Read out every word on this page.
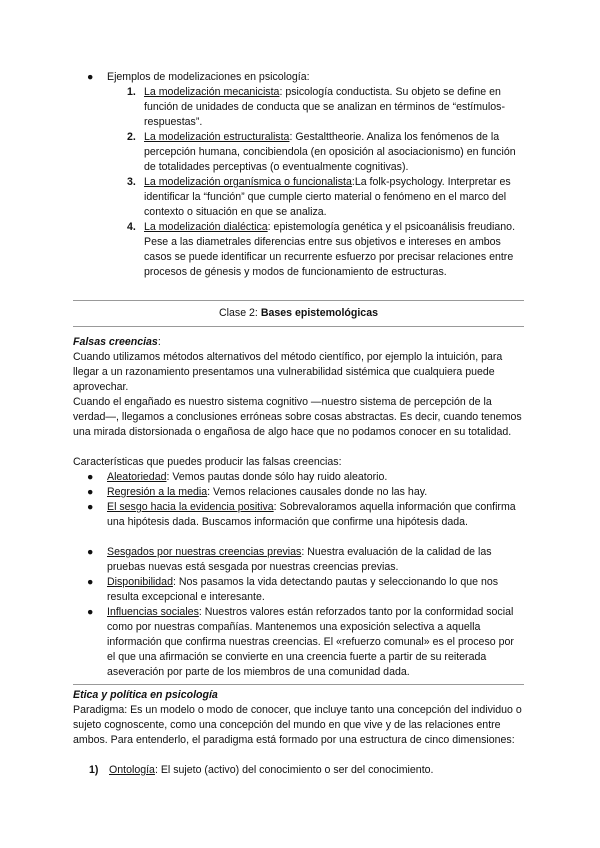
● Ejemplos de modelizaciones en psicología:
1. La modelización mecanicista: psicología conductista. Su objeto se define en función de unidades de conducta que se analizan en términos de “estímulos-respuestas”.
2. La modelización estructuralista: Gestalttheorie. Analiza los fenómenos de la percepción humana, concibiendola (en oposición al asociacionismo) en función de totalidades perceptivas (o eventualmente cognitivas).
3. La modelización organísmica o funcionalista:La folk-psychology. Interpretar es identificar la “función” que cumple cierto material o fenómeno en el marco del contexto o situación en que se analiza.
4. La modelización dialéctica: epistemología genética y el psicoanálisis freudiano. Pese a las diametrales diferencias entre sus objetivos e intereses en ambos casos se puede identificar un recurrente esfuerzo por precisar relaciones entre procesos de génesis y modos de funcionamiento de estructuras.
Clase 2: Bases epistemológicas
Falsas creencias:
Cuando utilizamos métodos alternativos del método científico, por ejemplo la intuición, para llegar a un razonamiento presentamos una vulnerabilidad sistémica que cualquiera puede aprovechar.
Cuando el engañado es nuestro sistema cognitivo —nuestro sistema de percepción de la verdad—, llegamos a conclusiones erróneas sobre cosas abstractas. Es decir, cuando tenemos una mirada distorsionada o engañosa de algo hace que no podamos conocer en su totalidad.
Características que puedes producir las falsas creencias:
● Aleatoriedad: Vemos pautas donde sólo hay ruido aleatorio.
● Regresión a la media: Vemos relaciones causales donde no las hay.
● El sesgo hacia la evidencia positiva: Sobrevaloramos aquella información que confirma una hipótesis dada. Buscamos información que confirme una hipótesis dada.
● Sesgados por nuestras creencias previas: Nuestra evaluación de la calidad de las pruebas nuevas está sesgada por nuestras creencias previas.
● Disponibilidad: Nos pasamos la vida detectando pautas y seleccionando lo que nos resulta excepcional e interesante.
● Influencias sociales: Nuestros valores están reforzados tanto por la conformidad social como por nuestras compañías. Mantenemos una exposición selectiva a aquella información que confirma nuestras creencias. El «refuerzo comunal» es el proceso por el que una afirmación se convierte en una creencia fuerte a partir de su reiterada aseveración por parte de los miembros de una comunidad dada.
Etica y política en psicología
Paradigma: Es un modelo o modo de conocer, que incluye tanto una concepción del individuo o sujeto cognoscente, como una concepción del mundo en que vive y de las relaciones entre ambos. Para entenderlo, el paradigma está formado por una estructura de cinco dimensiones:
1) Ontología: El sujeto (activo) del conocimiento o ser del conocimiento.
